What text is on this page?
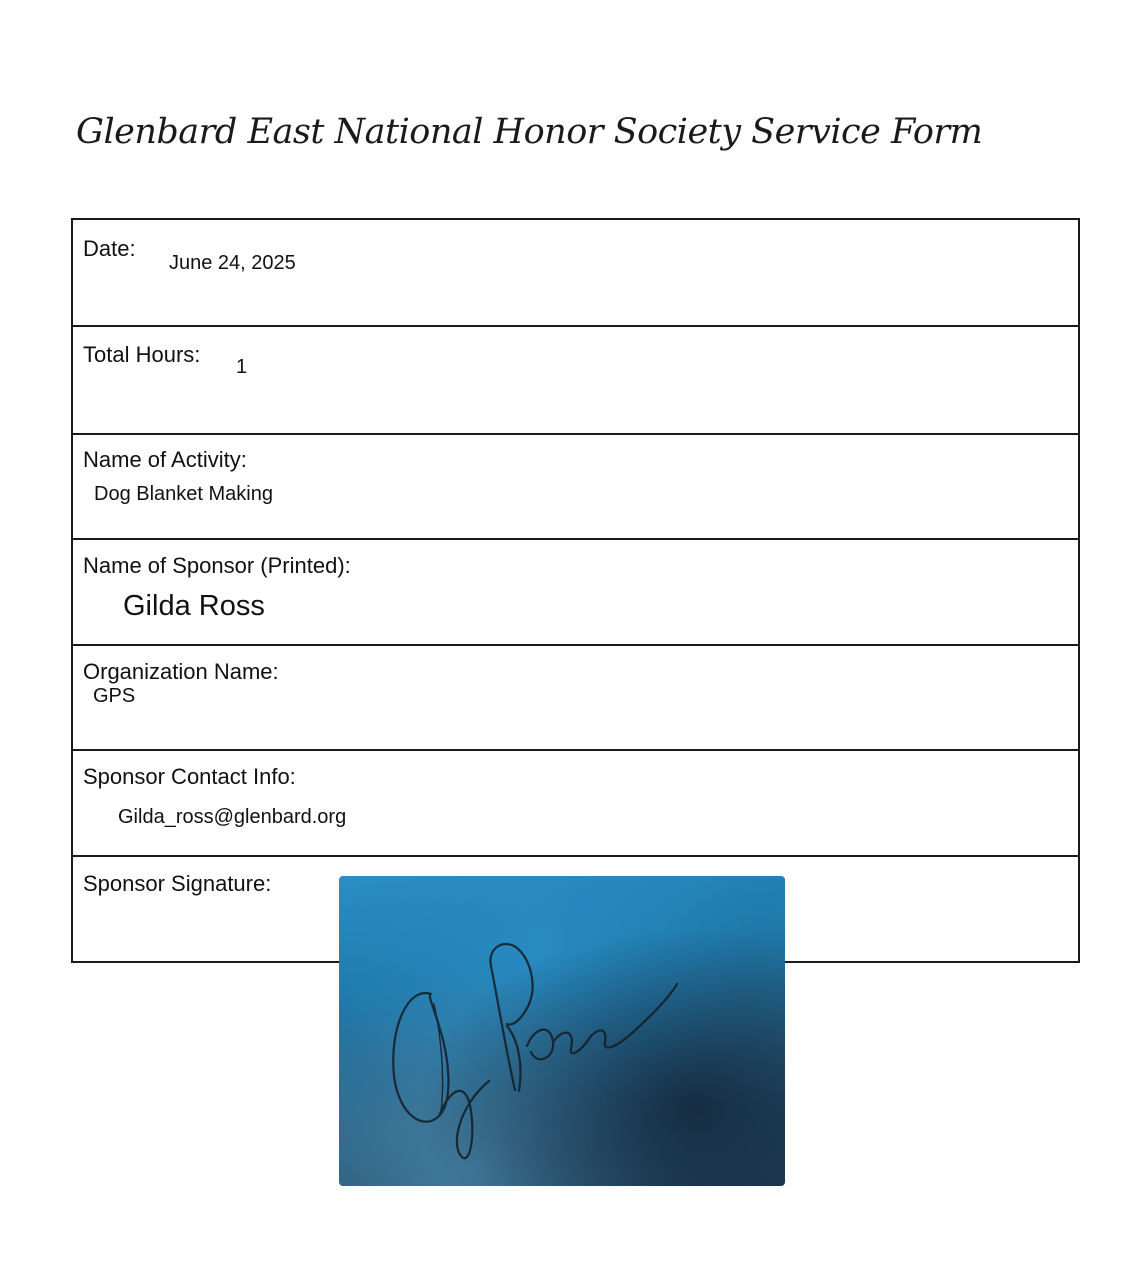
Glenbard East National Honor Society Service Form
Date:
June 24, 2025
Total Hours: 1
Name of Activity:
Dog Blanket Making
Name of Sponsor (Printed):
Gilda Ross
Organization Name:
GPS
Sponsor Contact Info:
Gilda_ross@glenbard.org
Sponsor Signature:
